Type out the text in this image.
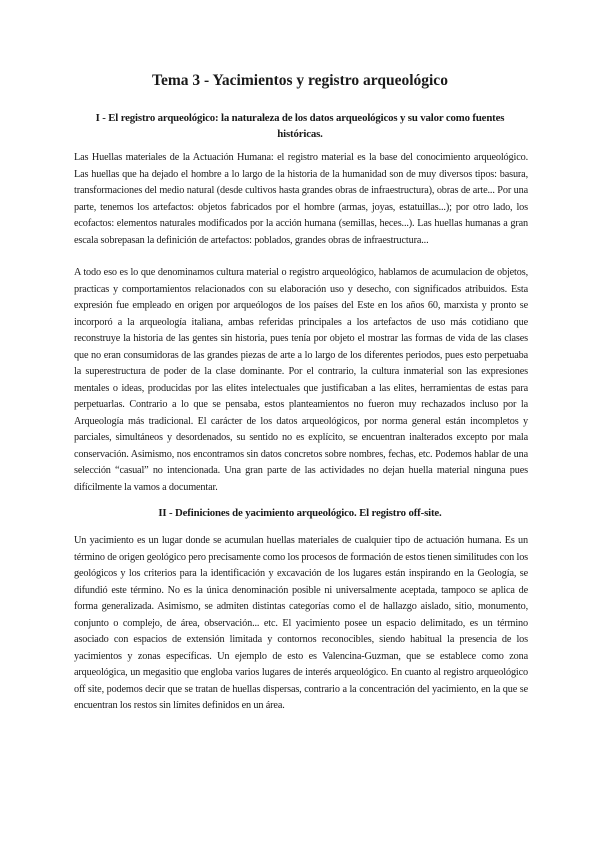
Tema 3 - Yacimientos y registro arqueológico
I - El registro arqueológico: la naturaleza de los datos arqueológicos y su valor como fuentes históricas.

Las Huellas materiales de la Actuación Humana: el registro material es la base del conocimiento arqueológico. Las huellas que ha dejado el hombre a lo largo de la historia de la humanidad son de muy diversos tipos: basura, transformaciones del medio natural (desde cultivos hasta grandes obras de infraestructura), obras de arte... Por una parte, tenemos los artefactos: objetos fabricados por el hombre (armas, joyas, estatuillas...); por otro lado, los ecofactos: elementos naturales modificados por la acción humana (semillas, heces...). Las huellas humanas a gran escala sobrepasan la definición de artefactos: poblados, grandes obras de infraestructura...

A todo eso es lo que denominamos cultura material o registro arqueológico, hablamos de acumulacion de objetos, practicas y comportamientos relacionados con su elaboración uso y desecho, con significados atribuidos. Esta expresión fue empleado en origen por arqueólogos de los países del Este en los años 60, marxista y pronto se incorporó a la arqueología italiana, ambas referidas principales a los artefactos de uso más cotidiano que reconstruye la historia de las gentes sin historia, pues tenía por objeto el mostrar las formas de vida de las clases que no eran consumidoras de las grandes piezas de arte a lo largo de los diferentes periodos, pues esto perpetuaba la superestructura de poder de la clase dominante. Por el contrario, la cultura inmaterial son las expresiones mentales o ideas, producidas por las elites intelectuales que justificaban a las elites, herramientas de estas para perpetuarlas. Contrario a lo que se pensaba, estos planteamientos no fueron muy rechazados incluso por la Arqueología más tradicional. El carácter de los datos arqueológicos, por norma general están incompletos y parciales, simultáneos y desordenados, su sentido no es explícito, se encuentran inalterados excepto por mala conservación. Asimismo, nos encontramos sin datos concretos sobre nombres, fechas, etc. Podemos hablar de una selección “casual” no intencionada. Una gran parte de las actividades no dejan huella material ninguna pues difícilmente la vamos a documentar.

II - Definiciones de yacimiento arqueológico. El registro off-site.

Un yacimiento es un lugar donde se acumulan huellas materiales de cualquier tipo de actuación humana. Es un término de origen geológico pero precisamente como los procesos de formación de estos tienen similitudes con los geológicos y los criterios para la identificación y excavación de los lugares están inspirando en la Geología, se difundió este término. No es la única denominación posible ni universalmente aceptada, tampoco se aplica de forma generalizada. Asimismo, se admiten distintas categorías como el de hallazgo aislado, sitio, monumento, conjunto o complejo, de área, observación... etc. El yacimiento posee un espacio delimitado, es un término asociado con espacios de extensión limitada y contornos reconocibles, siendo habitual la presencia de los yacimientos y zonas específicas. Un ejemplo de esto es Valencina-Guzman, que se establece como zona arqueológica, un megasitio que engloba varios lugares de interés arqueológico. En cuanto al registro arqueológico off site, podemos decir que se tratan de huellas dispersas, contrario a la concentración del yacimiento, en la que se encuentran los restos sin límites definidos en un área.
